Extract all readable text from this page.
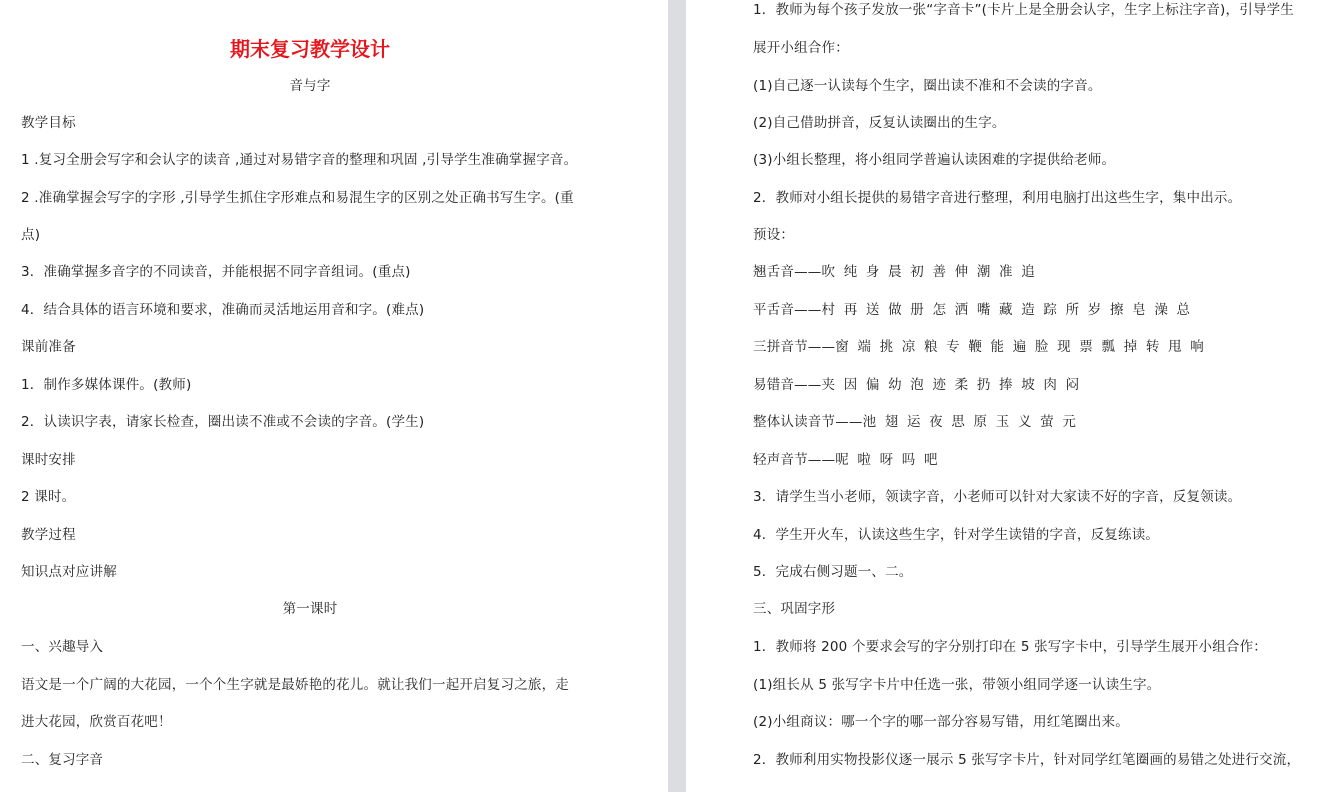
期末复习教学设计
音与字
教学目标
1 .复习全册会写字和会认字的读音 ,通过对易错字音的整理和巩固 ,引导学生准确掌握字音。
2 .准确掌握会写字的字形 ,引导学生抓住字形难点和易混生字的区别之处正确书写生字。(重
点)
3．准确掌握多音字的不同读音，并能根据不同字音组词。(重点)
4．结合具体的语言环境和要求，准确而灵活地运用音和字。(难点)
课前准备
1．制作多媒体课件。(教师)
2．认读识字表，请家长检查，圈出读不准或不会读的字音。(学生)
课时安排
2 课时。
教学过程
知识点对应讲解
第一课时
一、兴趣导入
语文是一个广阔的大花园，一个个生字就是最娇艳的花儿。就让我们一起开启复习之旅，走
进大花园，欣赏百花吧！
二、复习字音
1．教师为每个孩子发放一张“字音卡”(卡片上是全册会认字，生字上标注字音)，引导学生
展开小组合作：
(1)自己逐一认读每个生字，圈出读不准和不会读的字音。
(2)自己借助拼音，反复认读圈出的生字。
(3)小组长整理，将小组同学普遍认读困难的字提供给老师。
2．教师对小组长提供的易错字音进行整理，利用电脑打出这些生字，集中出示。
预设：
翘舌音——吹 纯 身 晨 初 善 伸 潮 准 追
平舌音——村 再 送 做 册 怎 洒 嘴 藏 造 踪 所 岁 擦 皂 澡 总
三拼音节——窗 端 挑 凉 粮 专 鞭 能 遍 脸 现 票 瓢 掉 转 甩 响
易错音——夹 因 偏 幼 泡 迹 柔 扔 捧 坡 肉 闷
整体认读音节——池 翅 运 夜 思 原 玉 义 萤 元
轻声音节——呢 啦 呀 吗 吧
3．请学生当小老师，领读字音，小老师可以针对大家读不好的字音，反复领读。
4．学生开火车，认读这些生字，针对学生读错的字音，反复练读。
5．完成右侧习题一、二。
三、巩固字形
1．教师将 200 个要求会写的字分别打印在 5 张写字卡中，引导学生展开小组合作：
(1)组长从 5 张写字卡片中任选一张，带领小组同学逐一认读生字。
(2)小组商议：哪一个字的哪一部分容易写错，用红笔圈出来。
2．教师利用实物投影仪逐一展示 5 张写字卡片，针对同学红笔圈画的易错之处进行交流，
